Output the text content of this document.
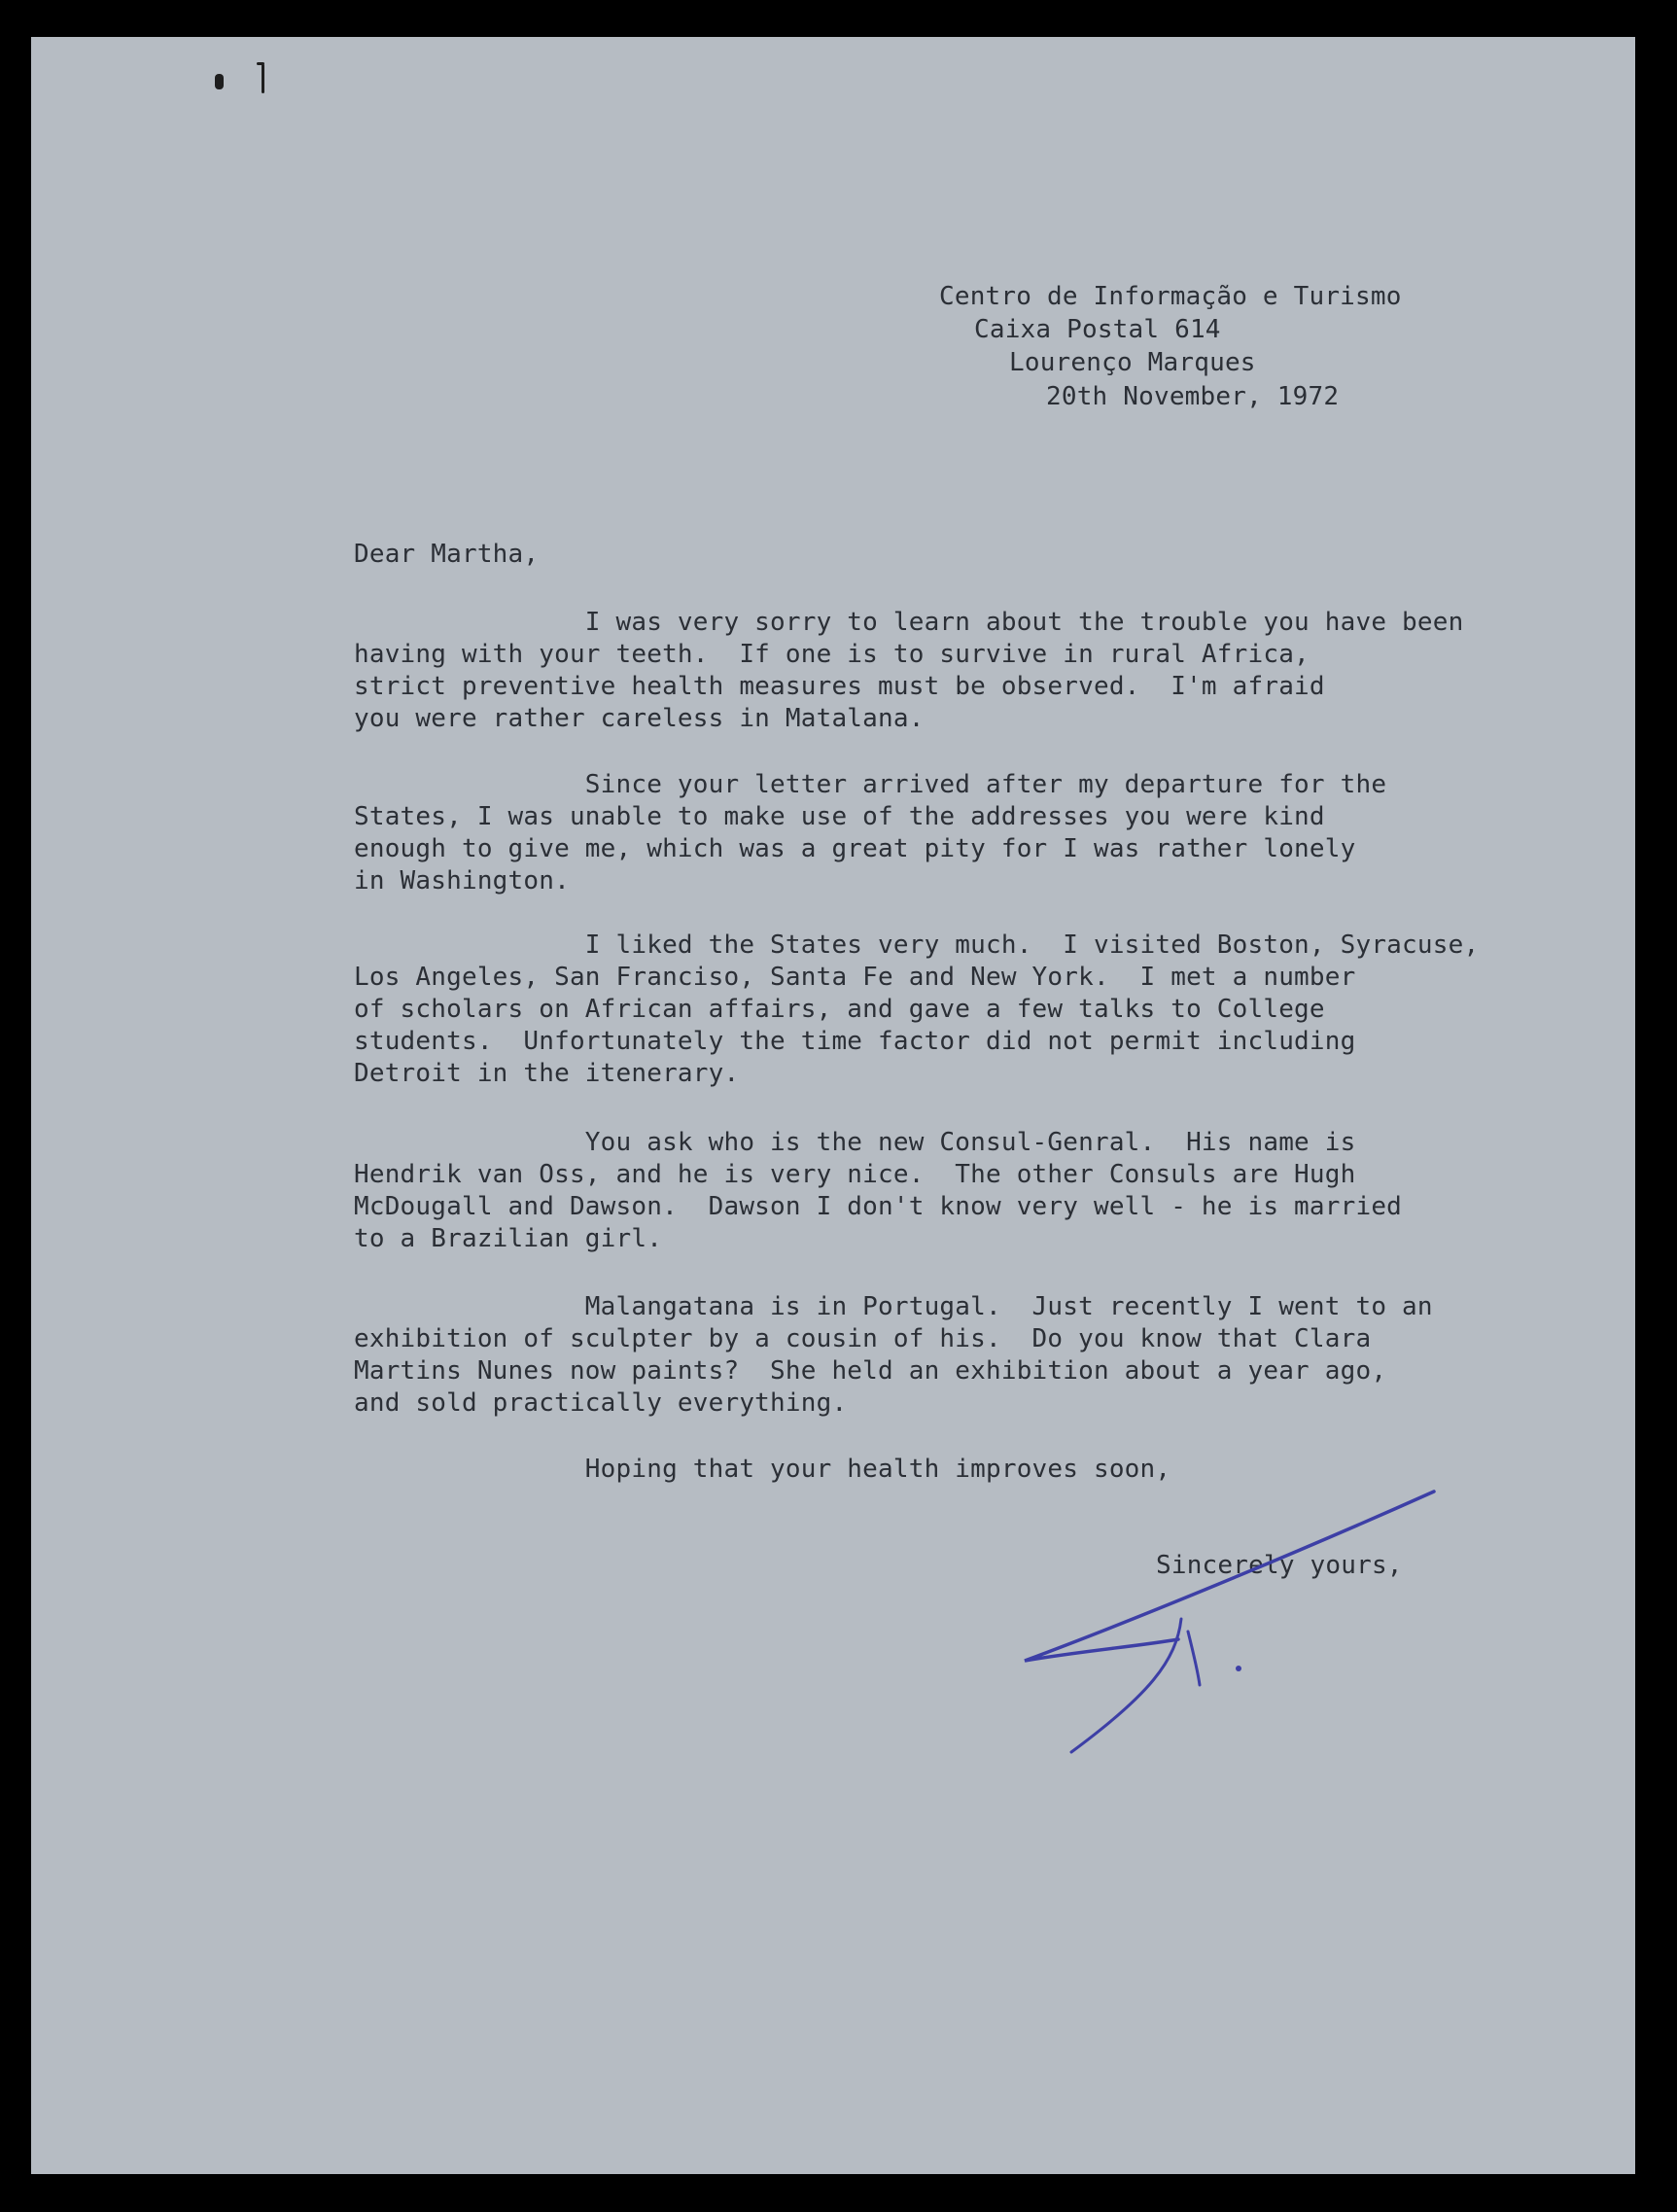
Centro de Informação e Turismo

Caixa Postal 614

Lourenço Marques

20th November, 1972

Dear Martha,

I was very sorry to learn about the trouble you have been
having with your teeth.  If one is to survive in rural Africa,
strict preventive health measures must be observed.  I'm afraid
you were rather careless in Matalana.

Since your letter arrived after my departure for the
States, I was unable to make use of the addresses you were kind
enough to give me, which was a great pity for I was rather lonely
in Washington.

I liked the States very much.  I visited Boston, Syracuse,
Los Angeles, San Franciso, Santa Fe and New York.  I met a number
of scholars on African affairs, and gave a few talks to College
students.  Unfortunately the time factor did not permit including
Detroit in the itenerary.

You ask who is the new Consul-Genral.  His name is
Hendrik van Oss, and he is very nice.  The other Consuls are Hugh
McDougall and Dawson.  Dawson I don't know very well - he is married
to a Brazilian girl.

Malangatana is in Portugal.  Just recently I went to an
exhibition of sculpter by a cousin of his.  Do you know that Clara
Martins Nunes now paints?  She held an exhibition about a year ago,
and sold practically everything.

Hoping that your health improves soon,

Sincerely yours,
